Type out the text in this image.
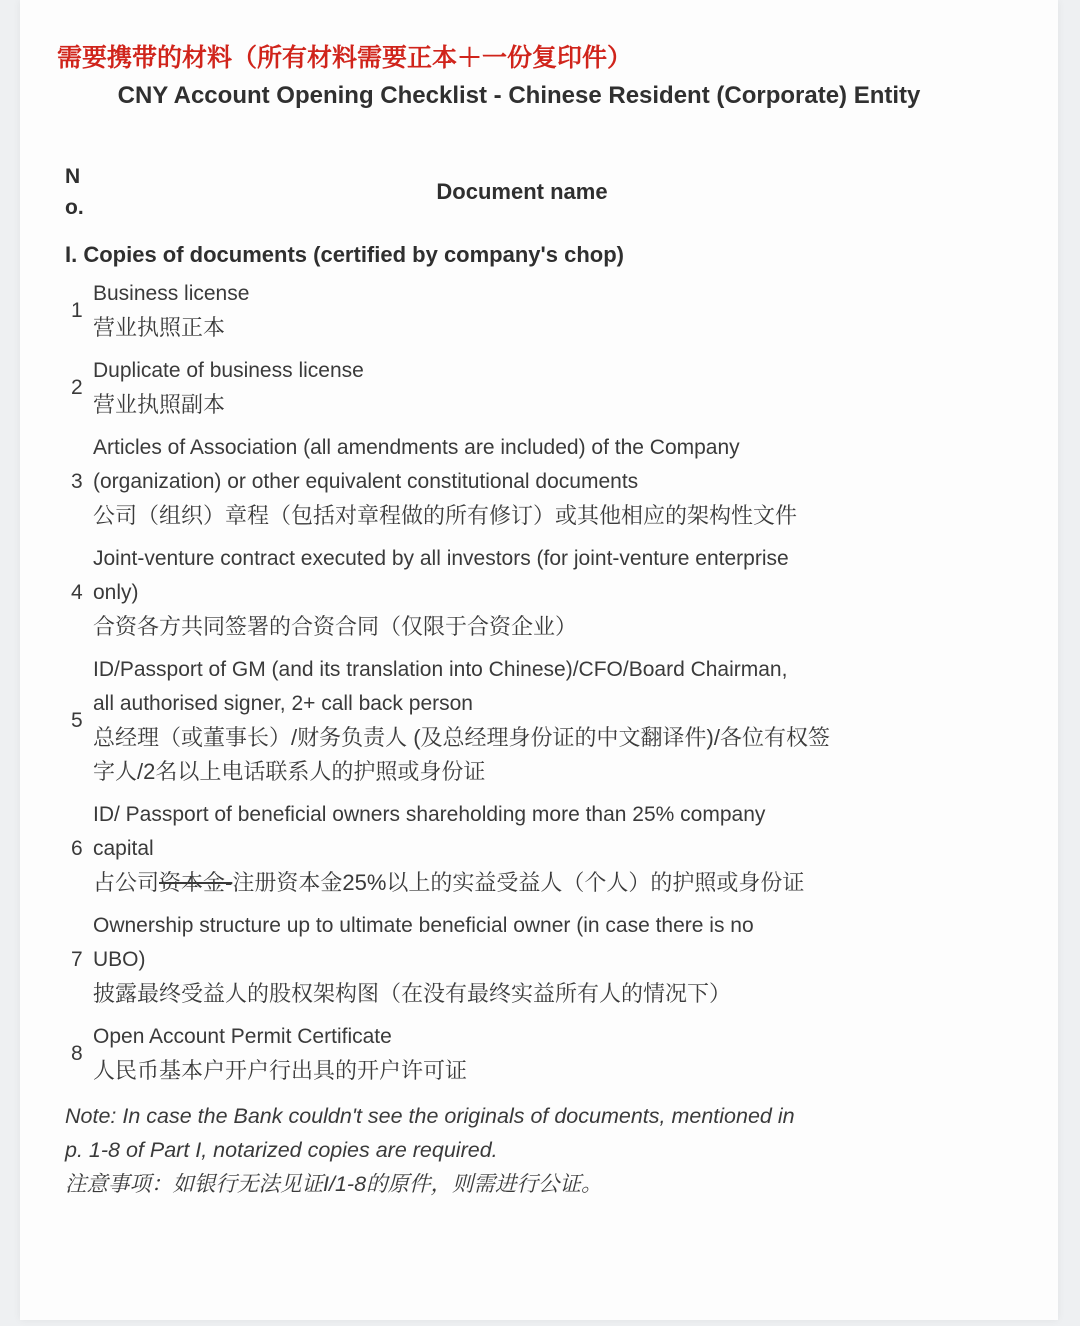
需要携带的材料（所有材料需要正本＋一份复印件）
CNY Account Opening Checklist - Chinese Resident (Corporate) Entity
No.
Document name
I. Copies of documents (certified by company's chop)
1
Business license
营业执照正本
2
Duplicate of business license
营业执照副本
3
Articles of Association (all amendments are included) of the Company
(organization) or other equivalent constitutional documents
公司（组织）章程（包括对章程做的所有修订）或其他相应的架构性文件
4
Joint-venture contract executed by all investors (for joint-venture enterprise
only)
合资各方共同签署的合资合同（仅限于合资企业）
5
ID/Passport of GM (and its translation into Chinese)/CFO/Board Chairman,
all authorised signer, 2+ call back person
总经理（或董事长）/财务负责人 (及总经理身份证的中文翻译件)/各位有权签
字人/2名以上电话联系人的护照或身份证
6
ID/ Passport of beneficial owners shareholding more than 25% company
capital
占公司资本金-注册资本金25%以上的实益受益人（个人）的护照或身份证
7
Ownership structure up to ultimate beneficial owner (in case there is no
UBO)
披露最终受益人的股权架构图（在没有最终实益所有人的情况下）
8
Open Account Permit Certificate
人民币基本户开户行出具的开户许可证

Note: In case the Bank couldn't see the originals of documents, mentioned in
p. 1-8 of Part I, notarized copies are required.

注意事项：如银行无法见证I/1-8的原件，则需进行公证。
